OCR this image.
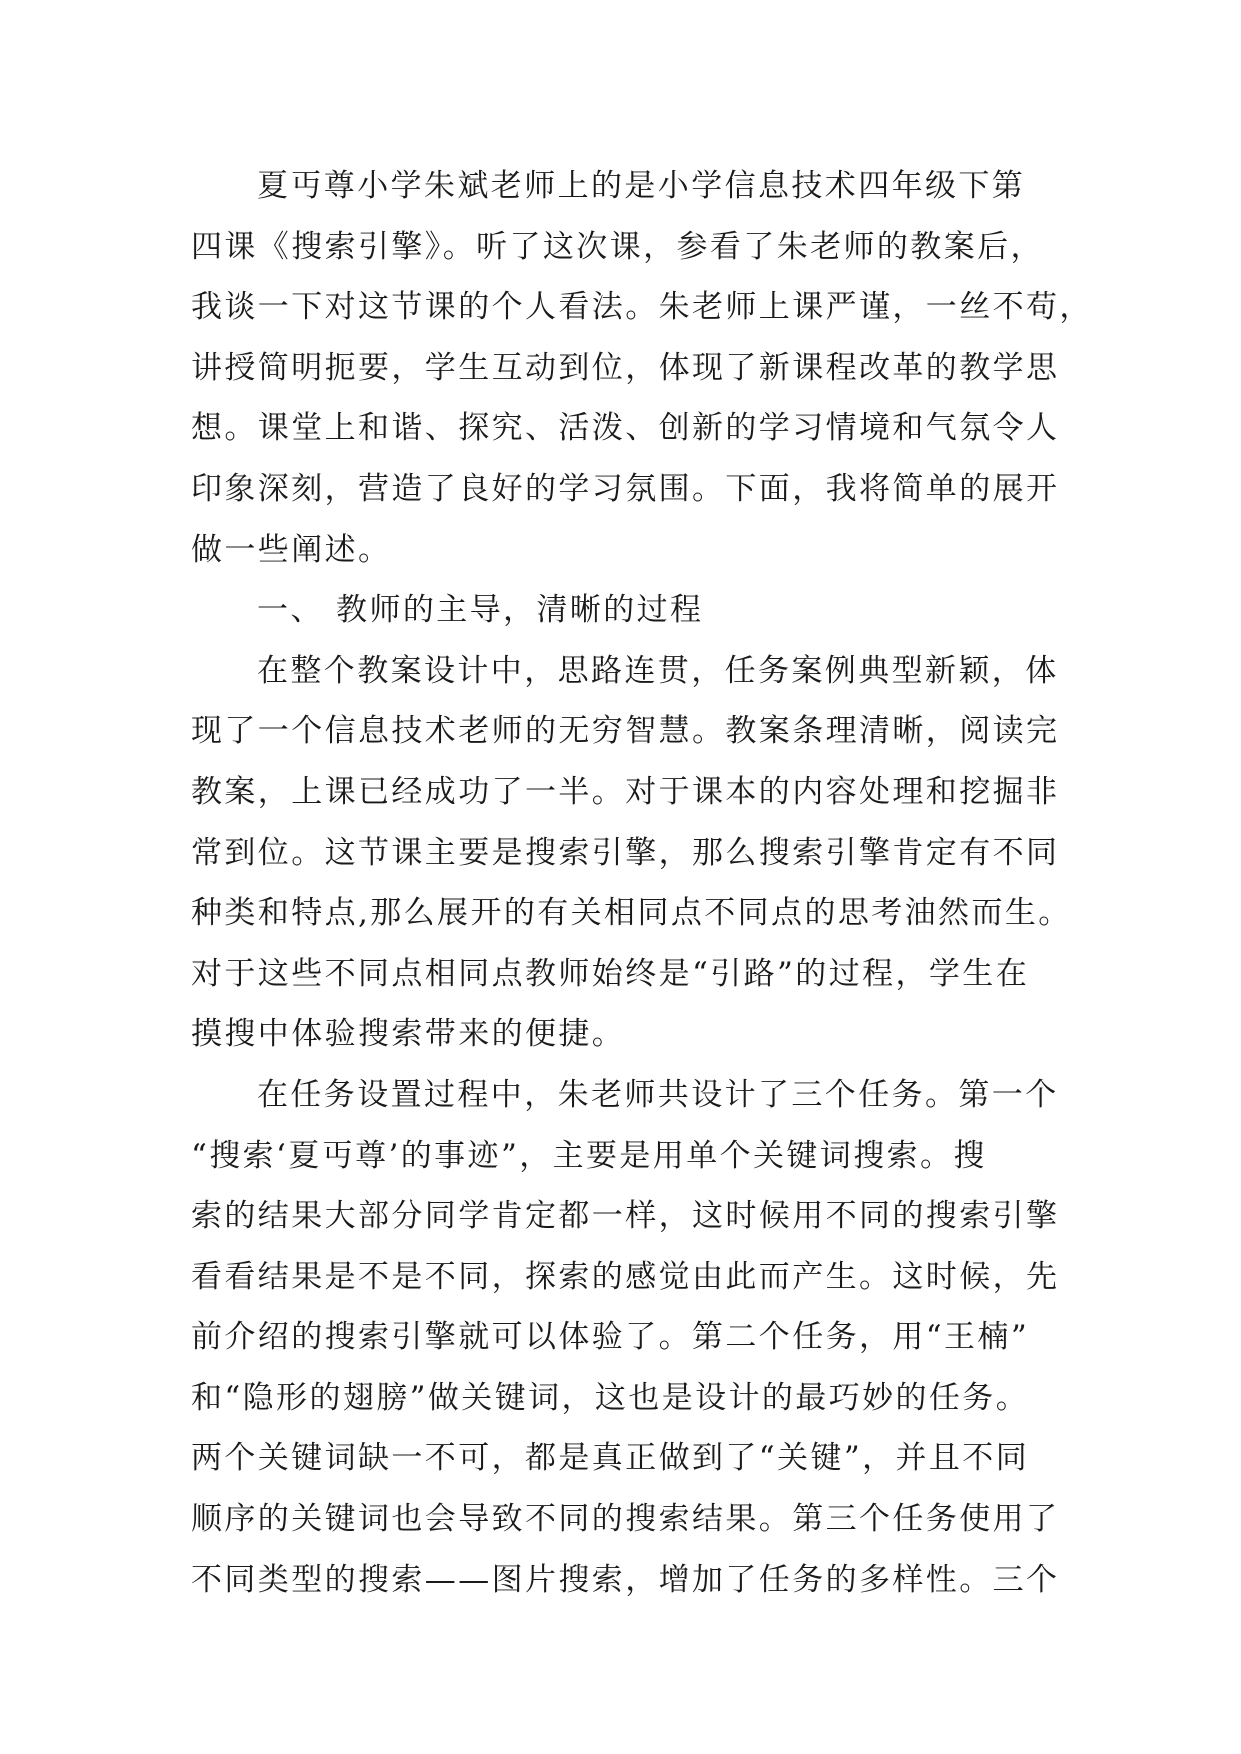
夏丏尊小学朱斌老师上的是小学信息技术四年级下第
四课《搜索引擎》。听了这次课，参看了朱老师的教案后，
我谈一下对这节课的个人看法。朱老师上课严谨，一丝不苟，
讲授简明扼要，学生互动到位，体现了新课程改革的教学思
想。课堂上和谐、探究、活泼、创新的学习情境和气氛令人
印象深刻，营造了良好的学习氛围。下面，我将简单的展开
做一些阐述。
一、 教师的主导，清晰的过程
在整个教案设计中，思路连贯，任务案例典型新颖，体
现了一个信息技术老师的无穷智慧。教案条理清晰，阅读完
教案，上课已经成功了一半。对于课本的内容处理和挖掘非
常到位。这节课主要是搜索引擎，那么搜索引擎肯定有不同
种类和特点,那么展开的有关相同点不同点的思考油然而生。
对于这些不同点相同点教师始终是“引路”的过程，学生在
摸搜中体验搜索带来的便捷。
在任务设置过程中，朱老师共设计了三个任务。第一个
“搜索‘夏丏尊’的事迹”，主要是用单个关键词搜索。搜
索的结果大部分同学肯定都一样，这时候用不同的搜索引擎
看看结果是不是不同，探索的感觉由此而产生。这时候，先
前介绍的搜索引擎就可以体验了。第二个任务，用“王楠”
和“隐形的翅膀”做关键词，这也是设计的最巧妙的任务。
两个关键词缺一不可，都是真正做到了“关键”，并且不同
顺序的关键词也会导致不同的搜索结果。第三个任务使用了
不同类型的搜索——图片搜索，增加了任务的多样性。三个
